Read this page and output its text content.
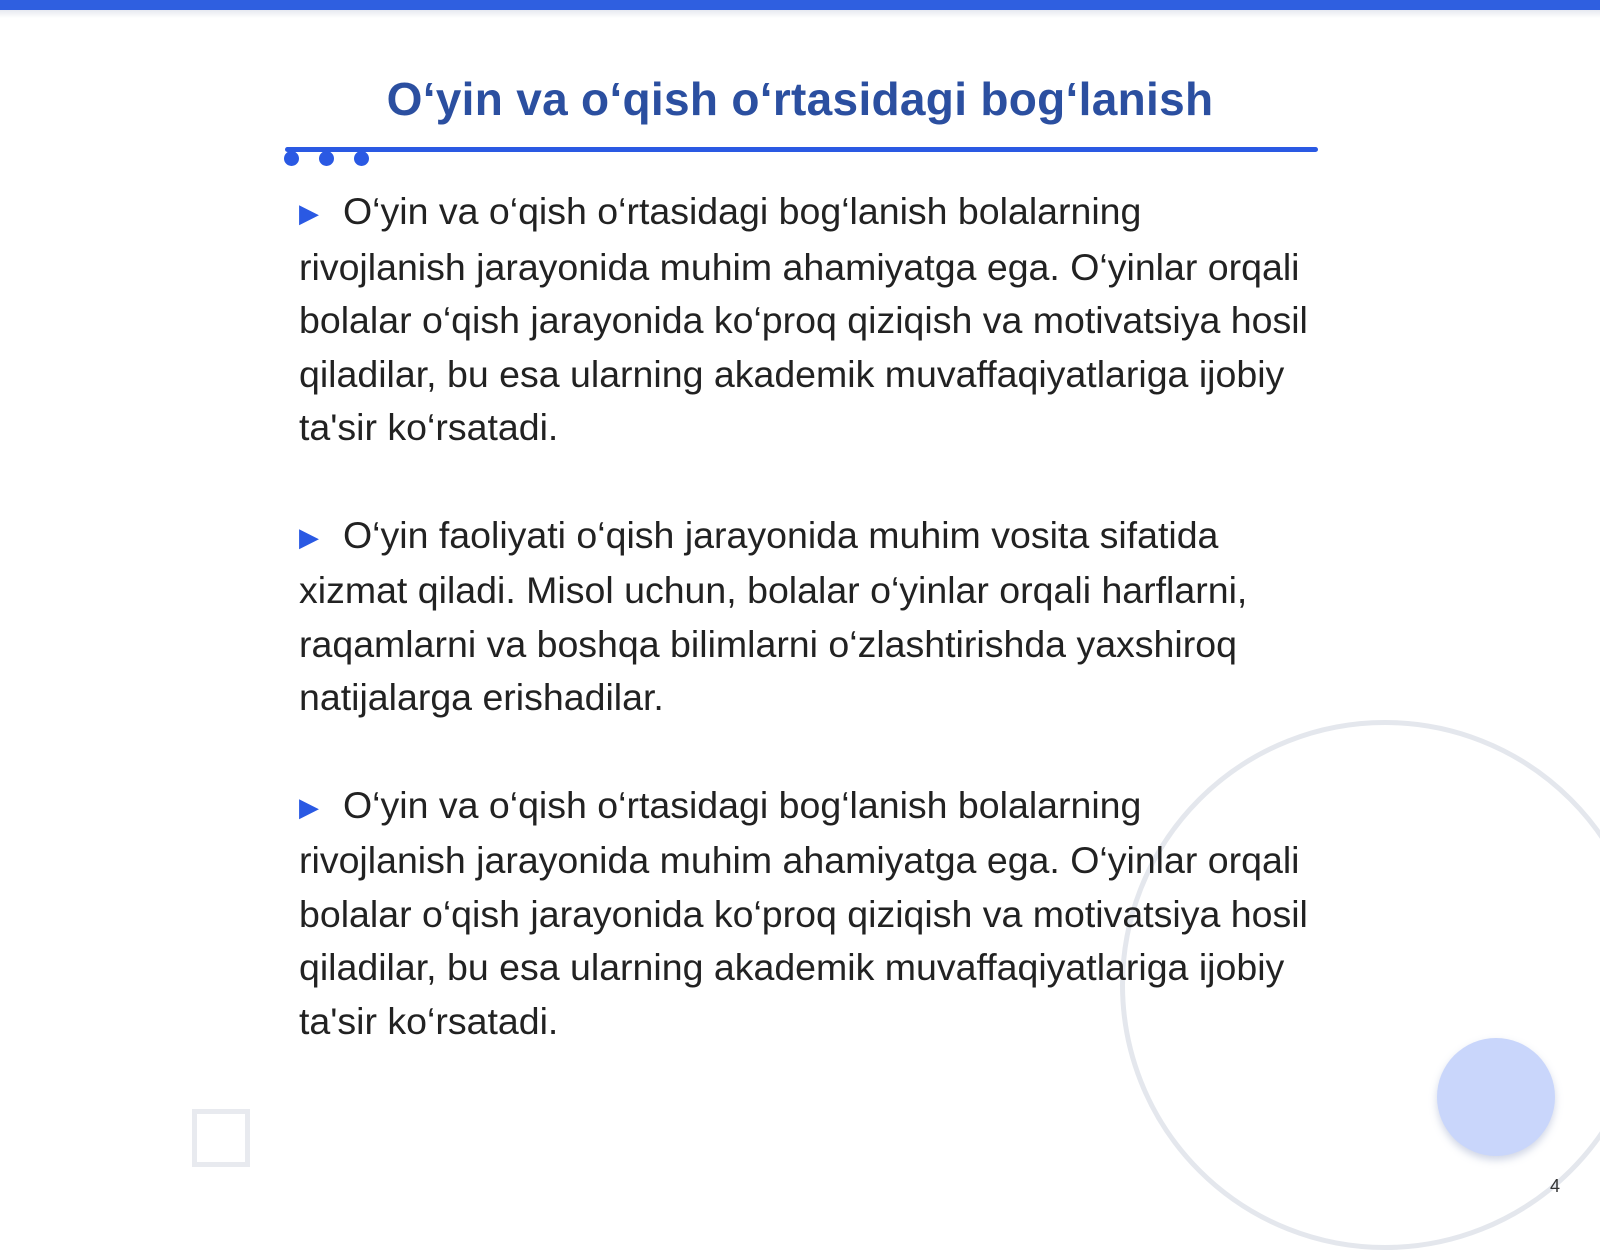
O‘yin va o‘qish o‘rtasidagi bog‘lanish

▶ O‘yin va o‘qish o‘rtasidagi bog‘lanish bolalarning rivojlanish jarayonida muhim ahamiyatga ega. O‘yinlar orqali bolalar o‘qish jarayonida ko‘proq qiziqish va motivatsiya hosil qiladilar, bu esa ularning akademik muvaffaqiyatlariga ijobiy ta'sir ko‘rsatadi.

▶ O‘yin faoliyati o‘qish jarayonida muhim vosita sifatida xizmat qiladi. Misol uchun, bolalar o‘yinlar orqali harflarni, raqamlarni va boshqa bilimlarni o‘zlashtirishda yaxshiroq natijalarga erishadilar.

▶ O‘yin va o‘qish o‘rtasidagi bog‘lanish bolalarning rivojlanish jarayonida muhim ahamiyatga ega. O‘yinlar orqali bolalar o‘qish jarayonida ko‘proq qiziqish va motivatsiya hosil qiladilar, bu esa ularning akademik muvaffaqiyatlariga ijobiy ta'sir ko‘rsatadi.

4
